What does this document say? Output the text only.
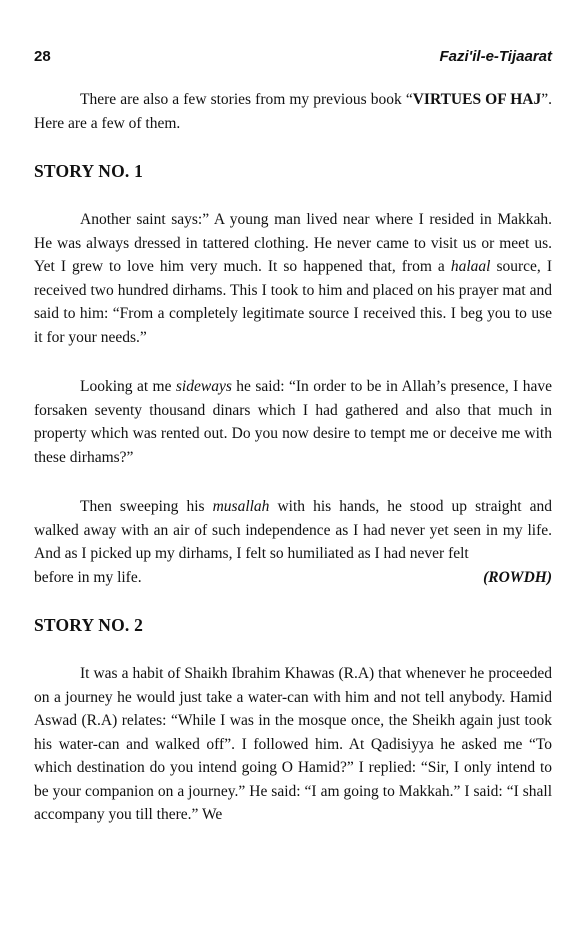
28	Fazi'il-e-Tijaarat

There are also a few stories from my previous book “VIRTUES OF HAJ”. Here are a few of them.

STORY NO. 1

Another saint says:” A young man lived near where I resided in Makkah. He was always dressed in tattered clothing. He never came to visit us or meet us. Yet I grew to love him very much. It so happened that, from a halaal source, I received two hundred dirhams. This I took to him and placed on his prayer mat and said to him: “From a completely legitimate source I received this. I beg you to use it for your needs.”

Looking at me sideways he said: “In order to be in Allah’s presence, I have forsaken seventy thousand dinars which I had gathered and also that much in property which was rented out. Do you now desire to tempt me or deceive me with these dirhams?”

Then sweeping his musallah with his hands, he stood up straight and walked away with an air of such independence as I had never yet seen in my life. And as I picked up my dirhams, I felt so humiliated as I had never felt

before in my life.	(ROWDH)
STORY NO. 2

It was a habit of Shaikh Ibrahim Khawas (R.A) that whenever he proceeded on a journey he would just take a water-can with him and not tell anybody. Hamid Aswad (R.A) relates: “While I was in the mosque once, the Sheikh again just took his water-can and walked off”. I followed him. At Qadisiyya he asked me “To which destination do you intend going O Hamid?” I replied: “Sir, I only intend to be your companion on a journey.” He said: “I am going to Makkah.” I said: “I shall accompany you till there.” We
